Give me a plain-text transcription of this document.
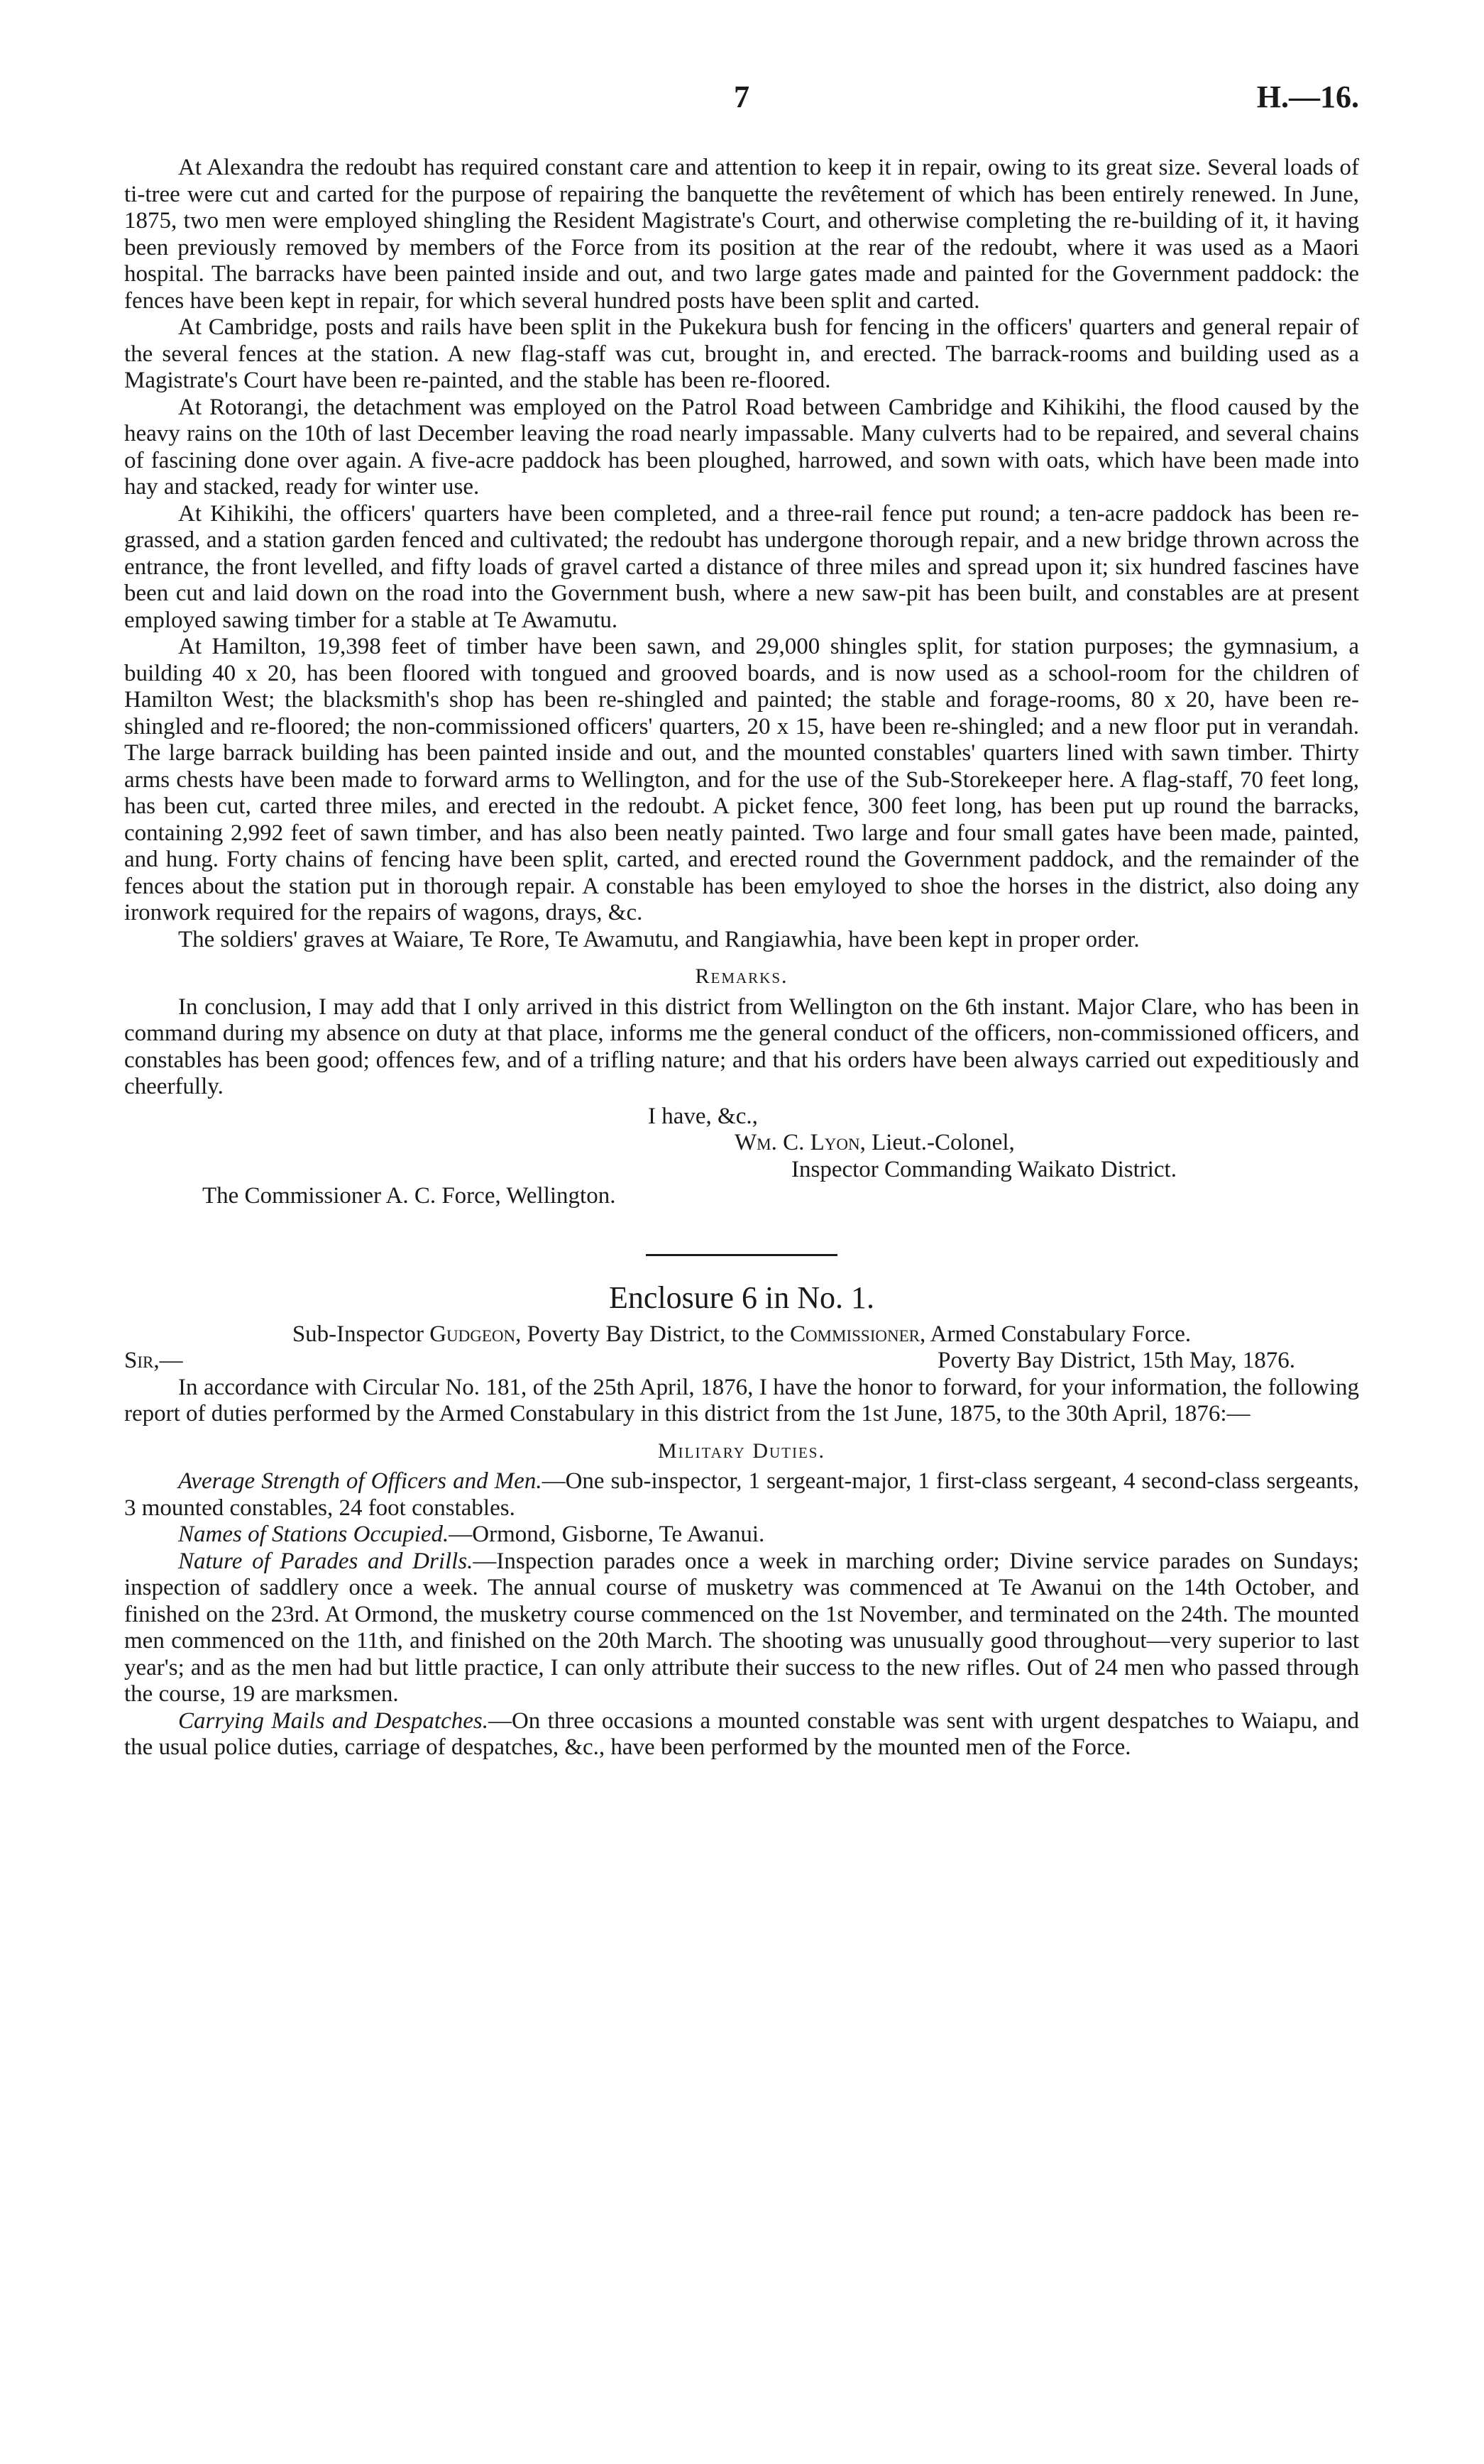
7	H.—16.

At Alexandra the redoubt has required constant care and attention to keep it in repair, owing to its great size. Several loads of ti-tree were cut and carted for the purpose of repairing the banquette the revêtement of which has been entirely renewed. In June, 1875, two men were employed shingling the Resident Magistrate's Court, and otherwise completing the re-building of it, it having been previously removed by members of the Force from its position at the rear of the redoubt, where it was used as a Maori hospital. The barracks have been painted inside and out, and two large gates made and painted for the Government paddock: the fences have been kept in repair, for which several hundred posts have been split and carted.

At Cambridge, posts and rails have been split in the Pukekura bush for fencing in the officers' quarters and general repair of the several fences at the station. A new flag-staff was cut, brought in, and erected. The barrack-rooms and building used as a Magistrate's Court have been re-painted, and the stable has been re-floored.

At Rotorangi, the detachment was employed on the Patrol Road between Cambridge and Kihikihi, the flood caused by the heavy rains on the 10th of last December leaving the road nearly impassable. Many culverts had to be repaired, and several chains of fascining done over again. A five-acre paddock has been ploughed, harrowed, and sown with oats, which have been made into hay and stacked, ready for winter use.

At Kihikihi, the officers' quarters have been completed, and a three-rail fence put round; a ten-acre paddock has been re-grassed, and a station garden fenced and cultivated; the redoubt has undergone thorough repair, and a new bridge thrown across the entrance, the front levelled, and fifty loads of gravel carted a distance of three miles and spread upon it; six hundred fascines have been cut and laid down on the road into the Government bush, where a new saw-pit has been built, and constables are at present employed sawing timber for a stable at Te Awamutu.

At Hamilton, 19,398 feet of timber have been sawn, and 29,000 shingles split, for station purposes; the gymnasium, a building 40 x 20, has been floored with tongued and grooved boards, and is now used as a school-room for the children of Hamilton West; the blacksmith's shop has been re-shingled and painted; the stable and forage-rooms, 80 x 20, have been re-shingled and re-floored; the non-commissioned officers' quarters, 20 x 15, have been re-shingled; and a new floor put in verandah. The large barrack building has been painted inside and out, and the mounted constables' quarters lined with sawn timber. Thirty arms chests have been made to forward arms to Wellington, and for the use of the Sub-Storekeeper here. A flag-staff, 70 feet long, has been cut, carted three miles, and erected in the redoubt. A picket fence, 300 feet long, has been put up round the barracks, containing 2,992 feet of sawn timber, and has also been neatly painted. Two large and four small gates have been made, painted, and hung. Forty chains of fencing have been split, carted, and erected round the Government paddock, and the remainder of the fences about the station put in thorough repair. A constable has been emyloyed to shoe the horses in the district, also doing any ironwork required for the repairs of wagons, drays, &c.

The soldiers' graves at Waiare, Te Rore, Te Awamutu, and Rangiawhia, have been kept in proper order.

Remarks.

In conclusion, I may add that I only arrived in this district from Wellington on the 6th instant. Major Clare, who has been in command during my absence on duty at that place, informs me the general conduct of the officers, non-commissioned officers, and constables has been good; offences few, and of a trifling nature; and that his orders have been always carried out expeditiously and cheerfully.

I have, &c.,
Wm. C. Lyon, Lieut.-Colonel,
Inspector Commanding Waikato District.
The Commissioner A. C. Force, Wellington.
Enclosure 6 in No. 1.
Sub-Inspector Gudgeon, Poverty Bay District, to the Commissioner, Armed Constabulary Force.
Sir,—	Poverty Bay District, 15th May, 1876.

In accordance with Circular No. 181, of the 25th April, 1876, I have the honor to forward, for your information, the following report of duties performed by the Armed Constabulary in this district from the 1st June, 1875, to the 30th April, 1876:—

Military Duties.

Average Strength of Officers and Men.—One sub-inspector, 1 sergeant-major, 1 first-class sergeant, 4 second-class sergeants, 3 mounted constables, 24 foot constables.

Names of Stations Occupied.—Ormond, Gisborne, Te Awanui.

Nature of Parades and Drills.—Inspection parades once a week in marching order; Divine service parades on Sundays; inspection of saddlery once a week. The annual course of musketry was commenced at Te Awanui on the 14th October, and finished on the 23rd. At Ormond, the musketry course commenced on the 1st November, and terminated on the 24th. The mounted men commenced on the 11th, and finished on the 20th March. The shooting was unusually good throughout—very superior to last year's; and as the men had but little practice, I can only attribute their success to the new rifles. Out of 24 men who passed through the course, 19 are marksmen.

Carrying Mails and Despatches.—On three occasions a mounted constable was sent with urgent despatches to Waiapu, and the usual police duties, carriage of despatches, &c., have been performed by the mounted men of the Force.
